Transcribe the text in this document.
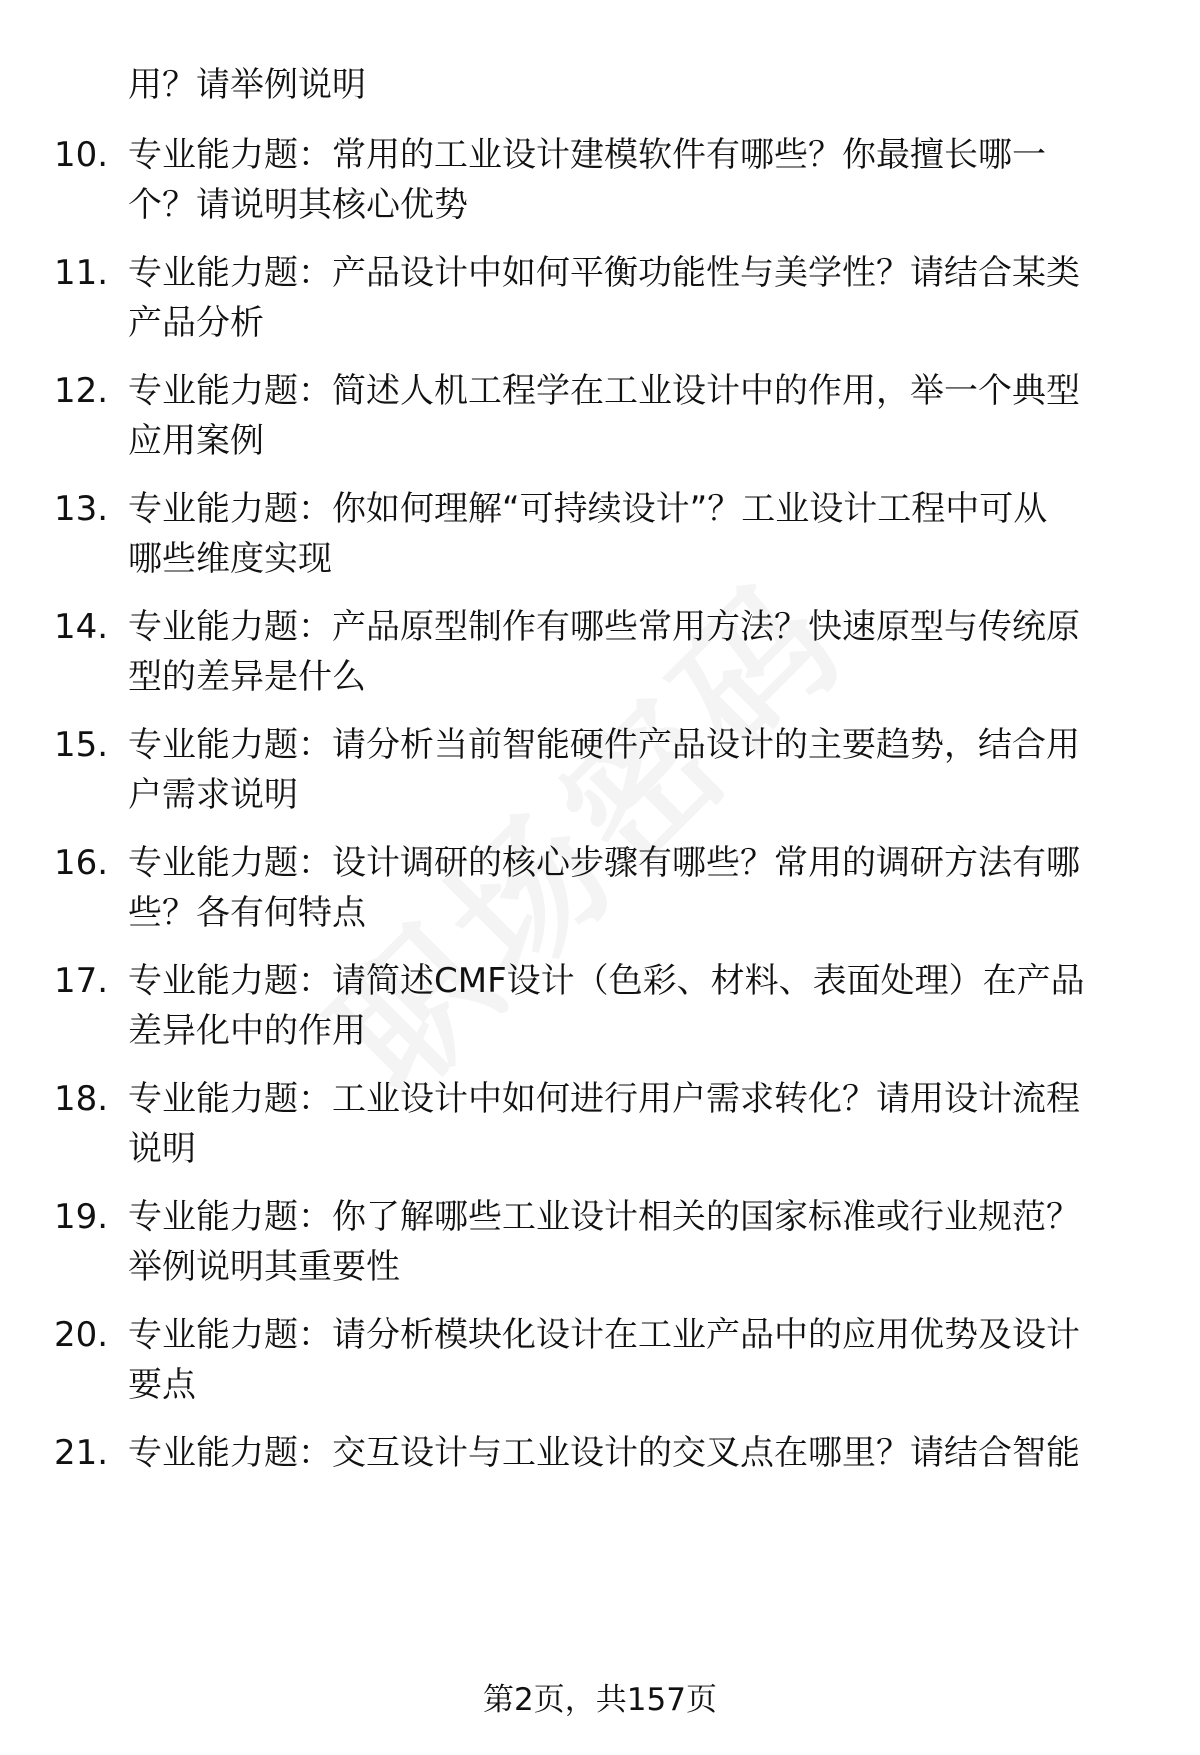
用？请举例说明
10. 专业能力题：常用的工业设计建模软件有哪些？你最擅长哪一
个？请说明其核心优势
11. 专业能力题：产品设计中如何平衡功能性与美学性？请结合某类
产品分析
12. 专业能力题：简述人机工程学在工业设计中的作用，举一个典型
应用案例
13. 专业能力题：你如何理解“可持续设计”？工业设计工程中可从
哪些维度实现
14. 专业能力题：产品原型制作有哪些常用方法？快速原型与传统原
型的差异是什么
15. 专业能力题：请分析当前智能硬件产品设计的主要趋势，结合用
户需求说明
16. 专业能力题：设计调研的核心步骤有哪些？常用的调研方法有哪
些？各有何特点
17. 专业能力题：请简述CMF设计（色彩、材料、表面处理）在产品
差异化中的作用
18. 专业能力题：工业设计中如何进行用户需求转化？请用设计流程
说明
19. 专业能力题：你了解哪些工业设计相关的国家标准或行业规范？
举例说明其重要性
20. 专业能力题：请分析模块化设计在工业产品中的应用优势及设计
要点
21. 专业能力题：交互设计与工业设计的交叉点在哪里？请结合智能
第2页，共157页
